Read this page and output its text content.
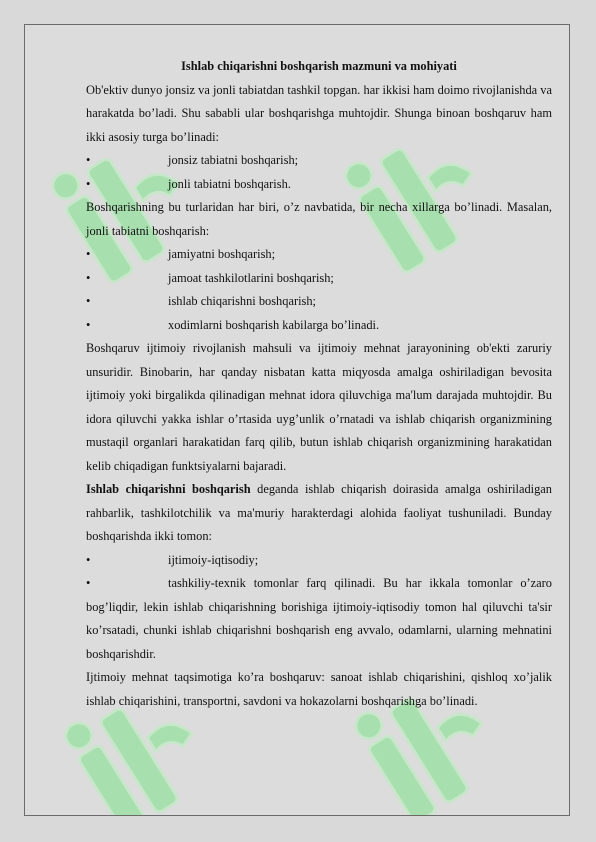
Ishlab chiqarishni boshqarish mazmuni va mohiyati

Ob'ektiv dunyo jonsiz va jonli tabiatdan tashkil topgan. har ikkisi ham doimo rivojlanishda va harakatda bo’ladi. Shu sababli ular boshqarishga muhtojdir. Shunga binoan boshqaruv ham ikki asosiy turga bo’linadi:

•
jonsiz tabiatni boshqarish;
•
jonli tabiatni boshqarish.

Boshqarishning bu turlaridan har biri, o’z navbatida, bir necha xillarga bo’linadi. Masalan, jonli tabiatni boshqarish:

•
jamiyatni boshqarish;
•
jamoat tashkilotlarini boshqarish;
•
ishlab chiqarishni boshqarish;
•
xodimlarni boshqarish kabilarga bo’linadi.

Boshqaruv ijtimoiy rivojlanish mahsuli va ijtimoiy mehnat jarayonining ob'ekti zaruriy unsuridir. Binobarin, har qanday nisbatan katta miqyosda amalga oshiriladigan bevosita ijtimoiy yoki birgalikda qilinadigan mehnat idora qiluvchiga ma'lum darajada muhtojdir. Bu idora qiluvchi yakka ishlar o’rtasida uyg’unlik o’rnatadi va ishlab chiqarish organizmining mustaqil organlari harakatidan farq qilib, butun ishlab chiqarish organizmining harakatidan kelib chiqadigan funktsiyalarni bajaradi.

Ishlab chiqarishni boshqarish deganda ishlab chiqarish doirasida amalga oshiriladigan rahbarlik, tashkilotchilik va ma'muriy harakterdagi alohida faoliyat tushuniladi. Bunday boshqarishda ikki tomon:

•
ijtimoiy-iqtisodiy;

•tashkiliy-texnik tomonlar farq qilinadi. Bu har ikkala tomonlar o’zaro bog’liqdir, lekin ishlab chiqarishning borishiga ijtimoiy-iqtisodiy tomon hal qiluvchi ta'sir ko’rsatadi, chunki ishlab chiqarishni boshqarish eng avvalo, odamlarni, ularning mehnatini boshqarishdir.

Ijtimoiy mehnat taqsimotiga ko’ra boshqaruv: sanoat ishlab chiqarishini, qishloq xo’jalik ishlab chiqarishini, transportni, savdoni va hokazolarni boshqarishga bo’linadi.
